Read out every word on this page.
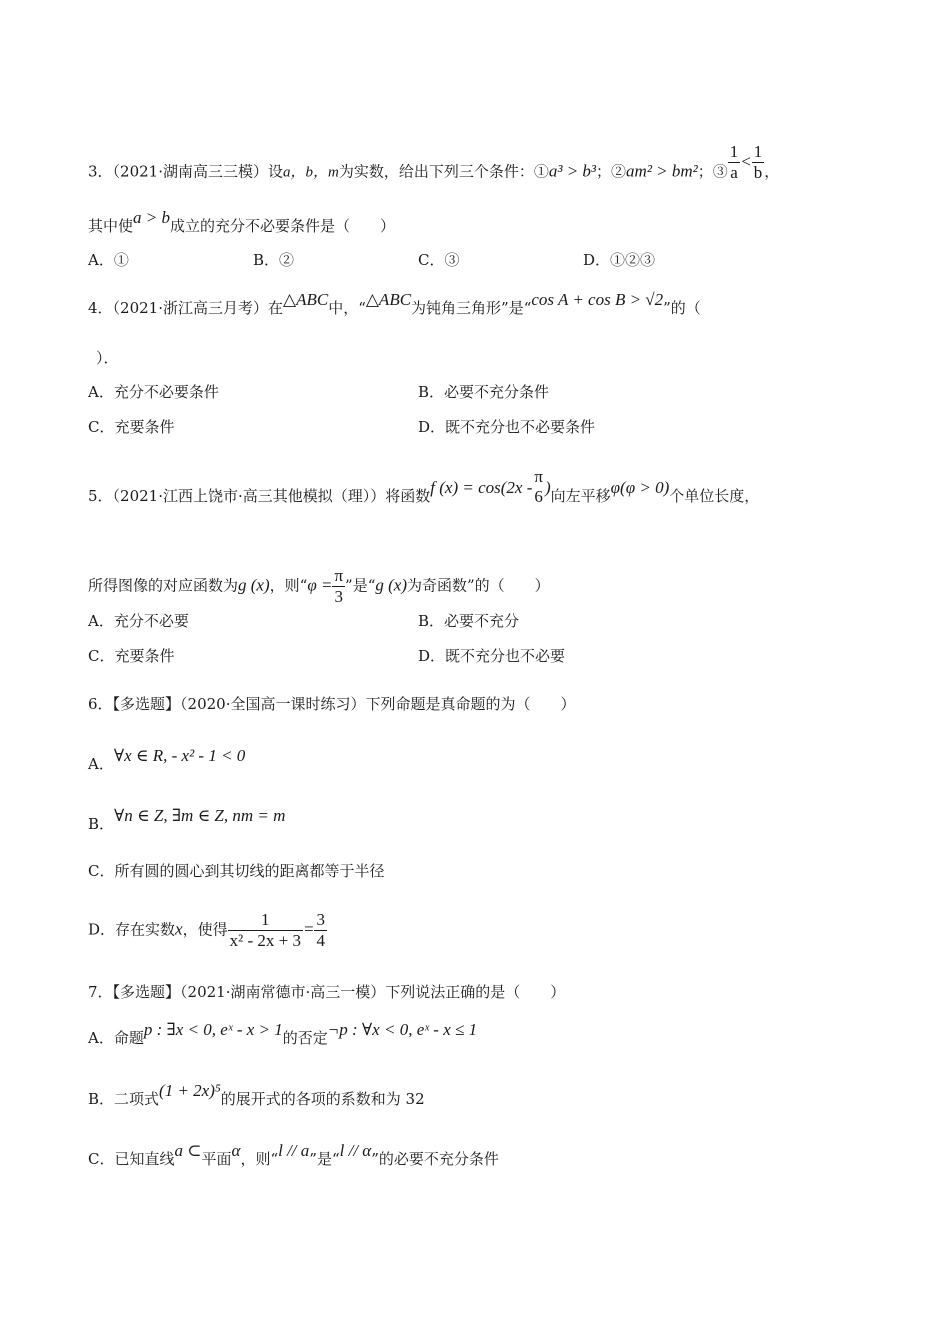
3．（2021·湖南高三三模）设a，b，m为实数，给出下列三个条件：①a³ > b³；②am² > bm²；③ $\frac{1}{a} < \frac{1}{b}$ ，
其中使a > b成立的充分不必要条件是（　　）
A．①	B．②	C．③	D．①②③
4．（2021·浙江高三月考）在△ABC中，“△ABC为钝角三角形”是“cos A + cos B > √2”的（
）．
A．充分不必要条件	B．必要不充分条件
C．充要条件	D．既不充分也不必要条件
5．（2021·江西上饶市·高三其他模拟（理））将函数f (x) = cos(2x -
π
6 )向左平移φ(φ > 0)个单位长度，
所得图像的对应函数为g (x)，则“$\varphi = \frac{\pi}{3}$ ”是“g (x)为奇函数”的（　　）
A．充分不必要	B．必要不充分
C．充要条件	D．既不充分也不必要
6．【多选题】（2020·全国高一课时练习）下列命题是真命题的为（　　）
A．∀x ∈ R, - x² - 1 < 0
B．∀n ∈ Z, ∃m ∈ Z, nm = m
C．所有圆的圆心到其切线的距离都等于半径
D．存在实数x，使得 $\frac{1}{\text{x² - 2x + 3}} = \frac{3}{4}$
7．【多选题】（2021·湖南常德市·高三一模）下列说法正确的是（　　）
A．命题p : ∃x < 0, eˣ - x > 1的否定¬p : ∀x < 0, eˣ - x ≤ 1
B．二项式(1 + 2x)⁵的展开式的各项的系数和为 32
C．已知直线a ⊂平面α，则“l // a”是“l // α”的必要不充分条件
